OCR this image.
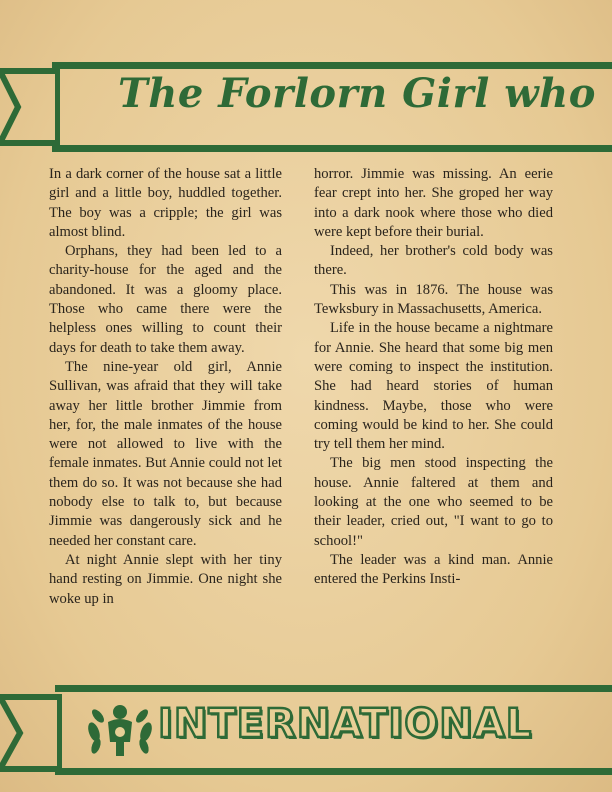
The Forlorn Girl who

In a dark corner of the house sat a little girl and a little boy, huddled together. The boy was a cripple; the girl was almost blind.

Orphans, they had been led to a charity-house for the aged and the abandoned. It was a gloomy place. Those who came there were the helpless ones willing to count their days for death to take them away.

The nine-year old girl, Annie Sullivan, was afraid that they will take away her little brother Jimmie from her, for, the male inmates of the house were not allowed to live with the female inmates. But Annie could not let them do so. It was not because she had nobody else to talk to, but because Jimmie was dangerously sick and he needed her constant care.

At night Annie slept with her tiny hand resting on Jimmie. One night she woke up in

horror. Jimmie was missing. An eerie fear crept into her. She groped her way into a dark nook where those who died were kept before their burial.

Indeed, her brother's cold body was there.

This was in 1876. The house was Tewksbury in Massachusetts, America.

Life in the house became a nightmare for Annie. She heard that some big men were coming to inspect the institution. She had heard stories of human kindness. Maybe, those who were coming would be kind to her. She could try tell them her mind.

The big men stood inspecting the house. Annie faltered at them and looking at the one who seemed to be their leader, cried out, "I want to go to school!"

The leader was a kind man. Annie entered the Perkins Insti-

INTERNATIONAL
